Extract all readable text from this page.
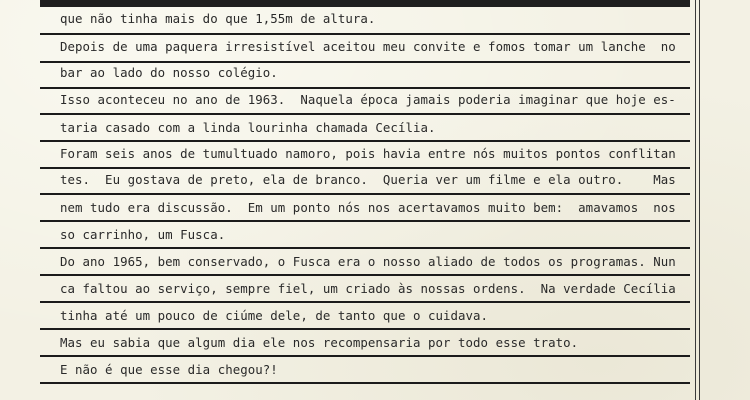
que não tinha mais do que 1,55m de altura.
Depois de uma paquera irresistível aceitou meu convite e fomos tomar um lanche  no
bar ao lado do nosso colégio.
Isso aconteceu no ano de 1963.  Naquela época jamais poderia imaginar que hoje es-
taria casado com a linda lourinha chamada Cecília.
Foram seis anos de tumultuado namoro, pois havia entre nós muitos pontos conflitan
tes.  Eu gostava de preto, ela de branco.  Queria ver um filme e ela outro.    Mas
nem tudo era discussão.  Em um ponto nós nos acertavamos muito bem:  amavamos  nos
so carrinho, um Fusca.
Do ano 1965, bem conservado, o Fusca era o nosso aliado de todos os programas. Nun
ca faltou ao serviço, sempre fiel, um criado às nossas ordens.  Na verdade Cecília
tinha até um pouco de ciúme dele, de tanto que o cuidava.
Mas eu sabia que algum dia ele nos recompensaria por todo esse trato.
E não é que esse dia chegou?!
